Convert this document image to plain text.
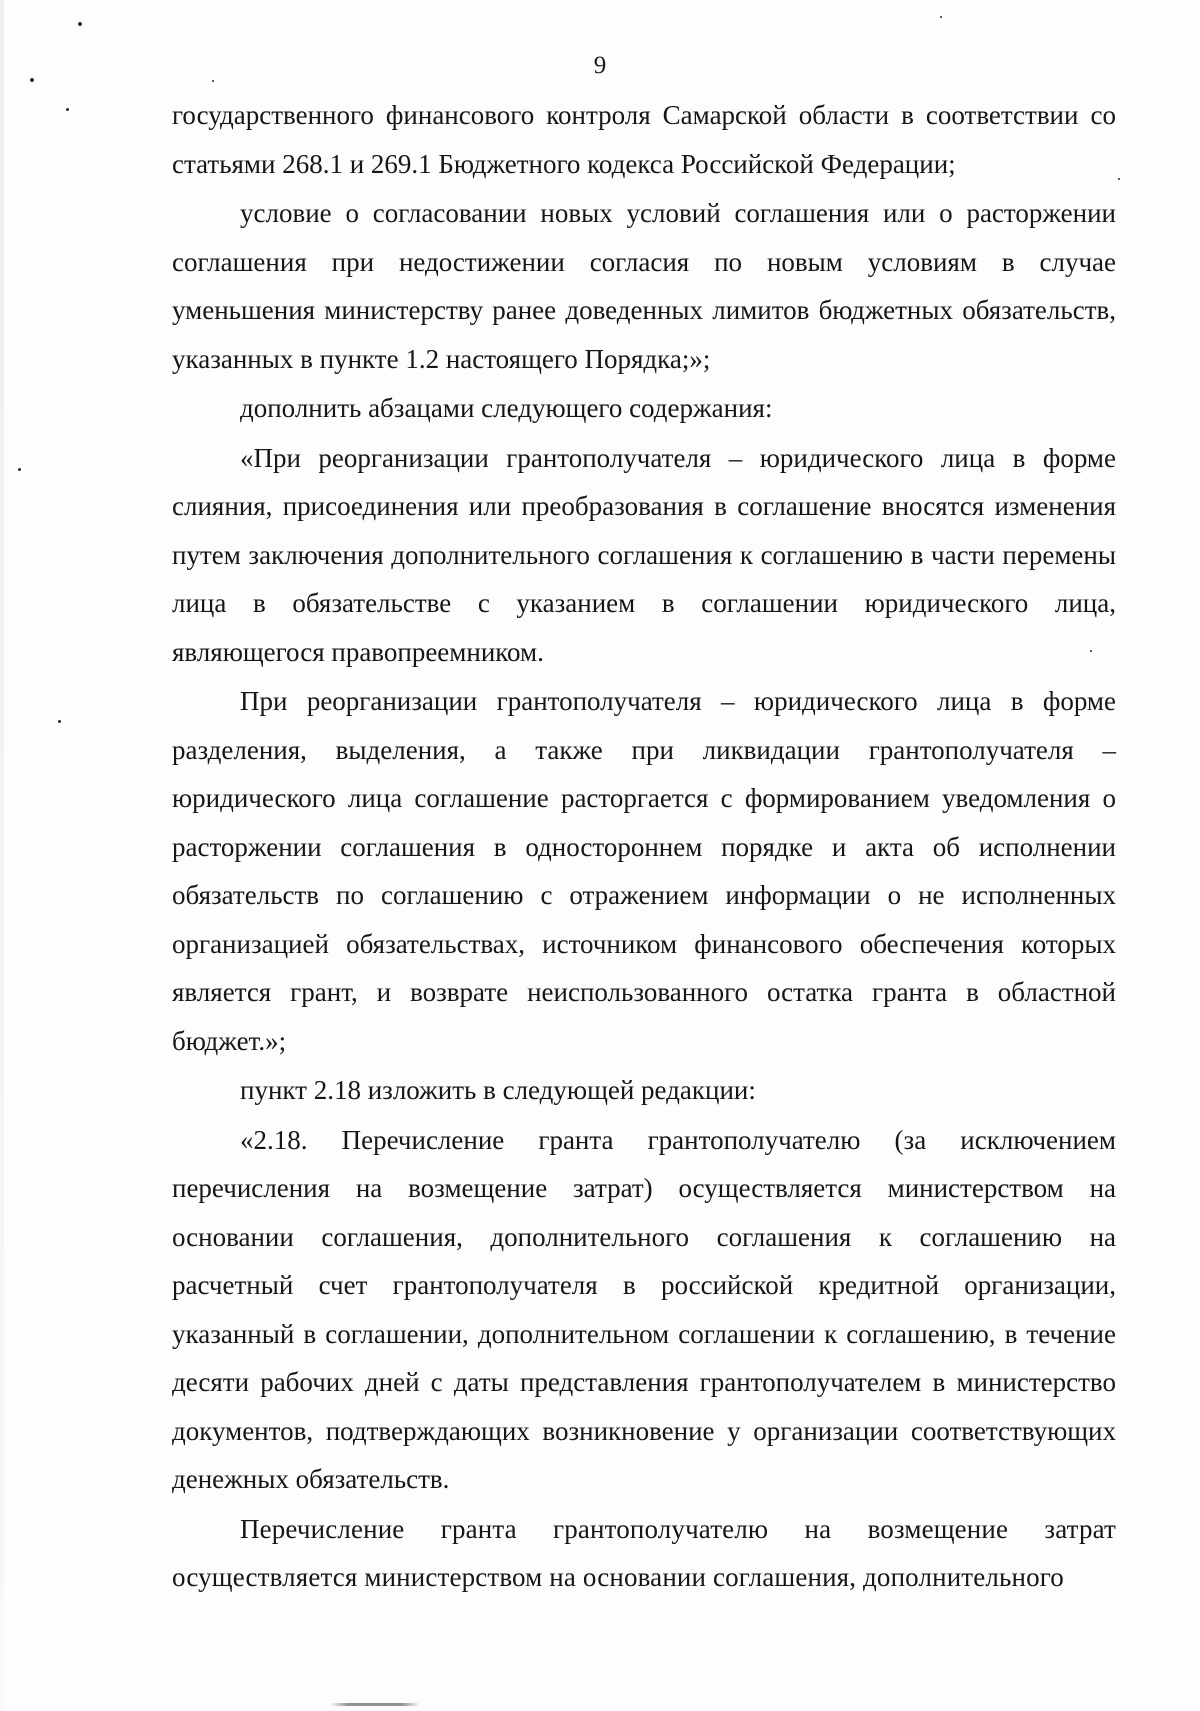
9

государственного финансового контроля Самарской области в соответствии со статьями 268.1 и 269.1 Бюджетного кодекса Российской Федерации;

условие о согласовании новых условий соглашения или о расторжении соглашения при недостижении согласия по новым условиям в случае уменьшения министерству ранее доведенных лимитов бюджетных обязательств, указанных в пункте 1.2 настоящего Порядка;»;

дополнить абзацами следующего содержания:

«При реорганизации грантополучателя – юридического лица в форме слияния, присоединения или преобразования в соглашение вносятся изменения путем заключения дополнительного соглашения к соглашению в части перемены лица в обязательстве с указанием в соглашении юридического лица, являющегося правопреемником.

При реорганизации грантополучателя – юридического лица в форме разделения, выделения, а также при ликвидации грантополучателя – юридического лица соглашение расторгается с формированием уведомления о расторжении соглашения в одностороннем порядке и акта об исполнении обязательств по соглашению с отражением информации о не исполненных организацией обязательствах, источником финансового обеспечения которых является грант, и возврате неиспользованного остатка гранта в областной бюджет.»;

пункт 2.18 изложить в следующей редакции:

«2.18. Перечисление гранта грантополучателю (за исключением перечисления на возмещение затрат) осуществляется министерством на основании соглашения, дополнительного соглашения к соглашению на расчетный счет грантополучателя в российской кредитной организации, указанный в соглашении, дополнительном соглашении к соглашению, в течение десяти рабочих дней с даты представления грантополучателем в министерство документов, подтверждающих возникновение у организации соответствующих денежных обязательств.

Перечисление гранта грантополучателю на возмещение затрат осуществляется министерством на основании соглашения, дополнительного
